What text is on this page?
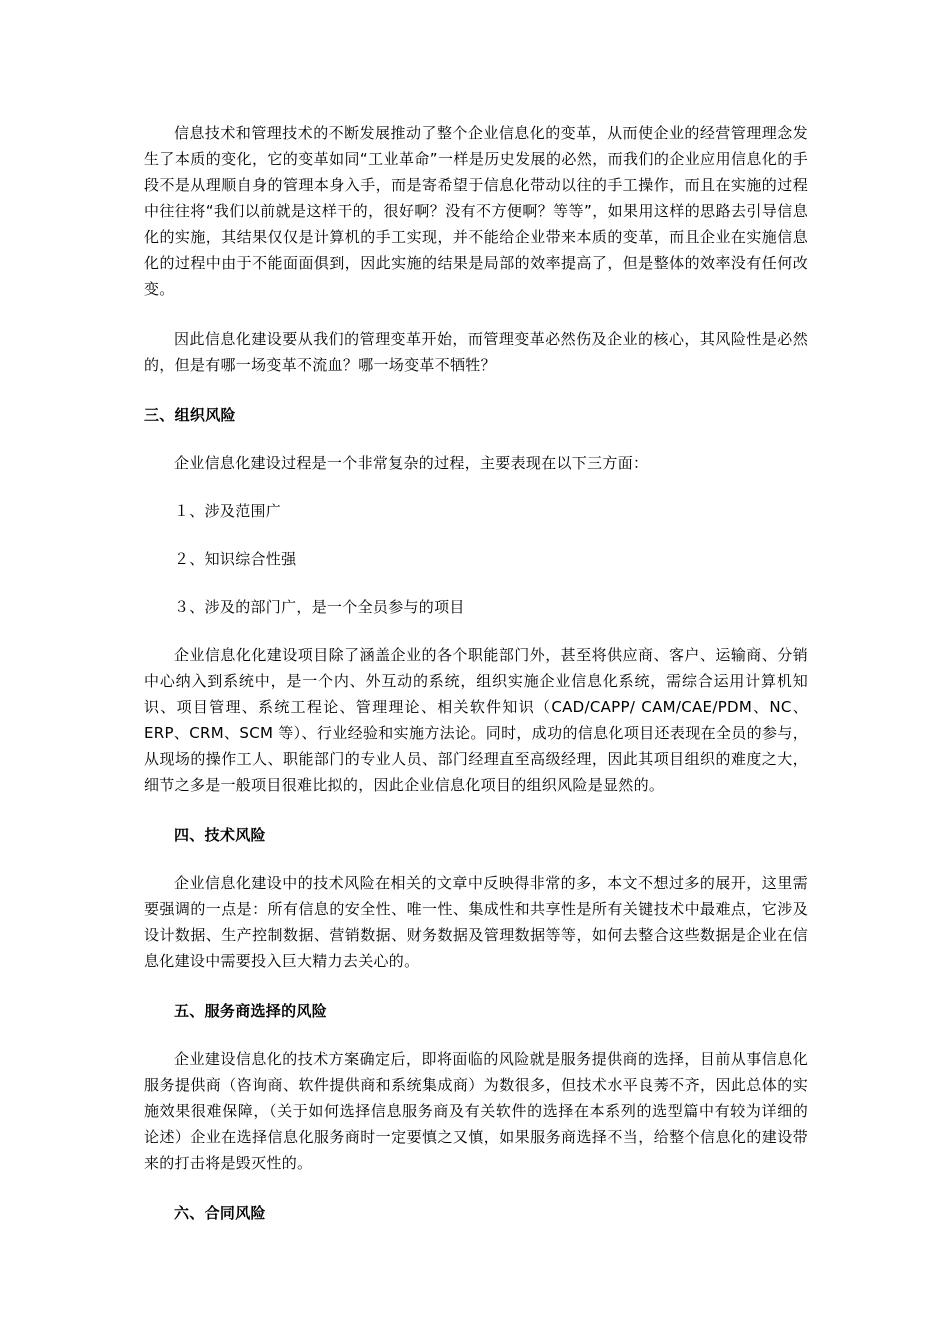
信息技术和管理技术的不断发展推动了整个企业信息化的变革，从而使企业的经营管理理念发生了本质的变化，它的变革如同“工业革命”一样是历史发展的必然，而我们的企业应用信息化的手段不是从理顺自身的管理本身入手，而是寄希望于信息化带动以往的手工操作，而且在实施的过程中往往将“我们以前就是这样干的，很好啊？没有不方便啊？等等”，如果用这样的思路去引导信息化的实施，其结果仅仅是计算机的手工实现，并不能给企业带来本质的变革，而且企业在实施信息化的过程中由于不能面面俱到，因此实施的结果是局部的效率提高了，但是整体的效率没有任何改变。

因此信息化建设要从我们的管理变革开始，而管理变革必然伤及企业的核心，其风险性是必然的，但是有哪一场变革不流血？哪一场变革不牺牲？

三、组织风险

企业信息化建设过程是一个非常复杂的过程，主要表现在以下三方面：

１、涉及范围广

２、知识综合性强

３、涉及的部门广，是一个全员参与的项目

企业信息化化建设项目除了涵盖企业的各个职能部门外，甚至将供应商、客户、运输商、分销中心纳入到系统中，是一个内、外互动的系统，组织实施企业信息化系统，需综合运用计算机知识、项目管理、系统工程论、管理理论、相关软件知识（CAD/CAPP/ CAM/CAE/PDM、NC、ERP、CRM、SCM 等）、行业经验和实施方法论。同时，成功的信息化项目还表现在全员的参与，从现场的操作工人、职能部门的专业人员、部门经理直至高级经理，因此其项目组织的难度之大，细节之多是一般项目很难比拟的，因此企业信息化项目的组织风险是显然的。

四、技术风险

企业信息化建设中的技术风险在相关的文章中反映得非常的多，本文不想过多的展开，这里需要强调的一点是：所有信息的安全性、唯一性、集成性和共享性是所有关键技术中最难点，它涉及设计数据、生产控制数据、营销数据、财务数据及管理数据等等，如何去整合这些数据是企业在信息化建设中需要投入巨大精力去关心的。

五、服务商选择的风险

企业建设信息化的技术方案确定后，即将面临的风险就是服务提供商的选择，目前从事信息化服务提供商（咨询商、软件提供商和系统集成商）为数很多，但技术水平良莠不齐，因此总体的实施效果很难保障，（关于如何选择信息服务商及有关软件的选择在本系列的选型篇中有较为详细的论述）企业在选择信息化服务商时一定要慎之又慎，如果服务商选择不当，给整个信息化的建设带来的打击将是毁灭性的。

六、合同风险
